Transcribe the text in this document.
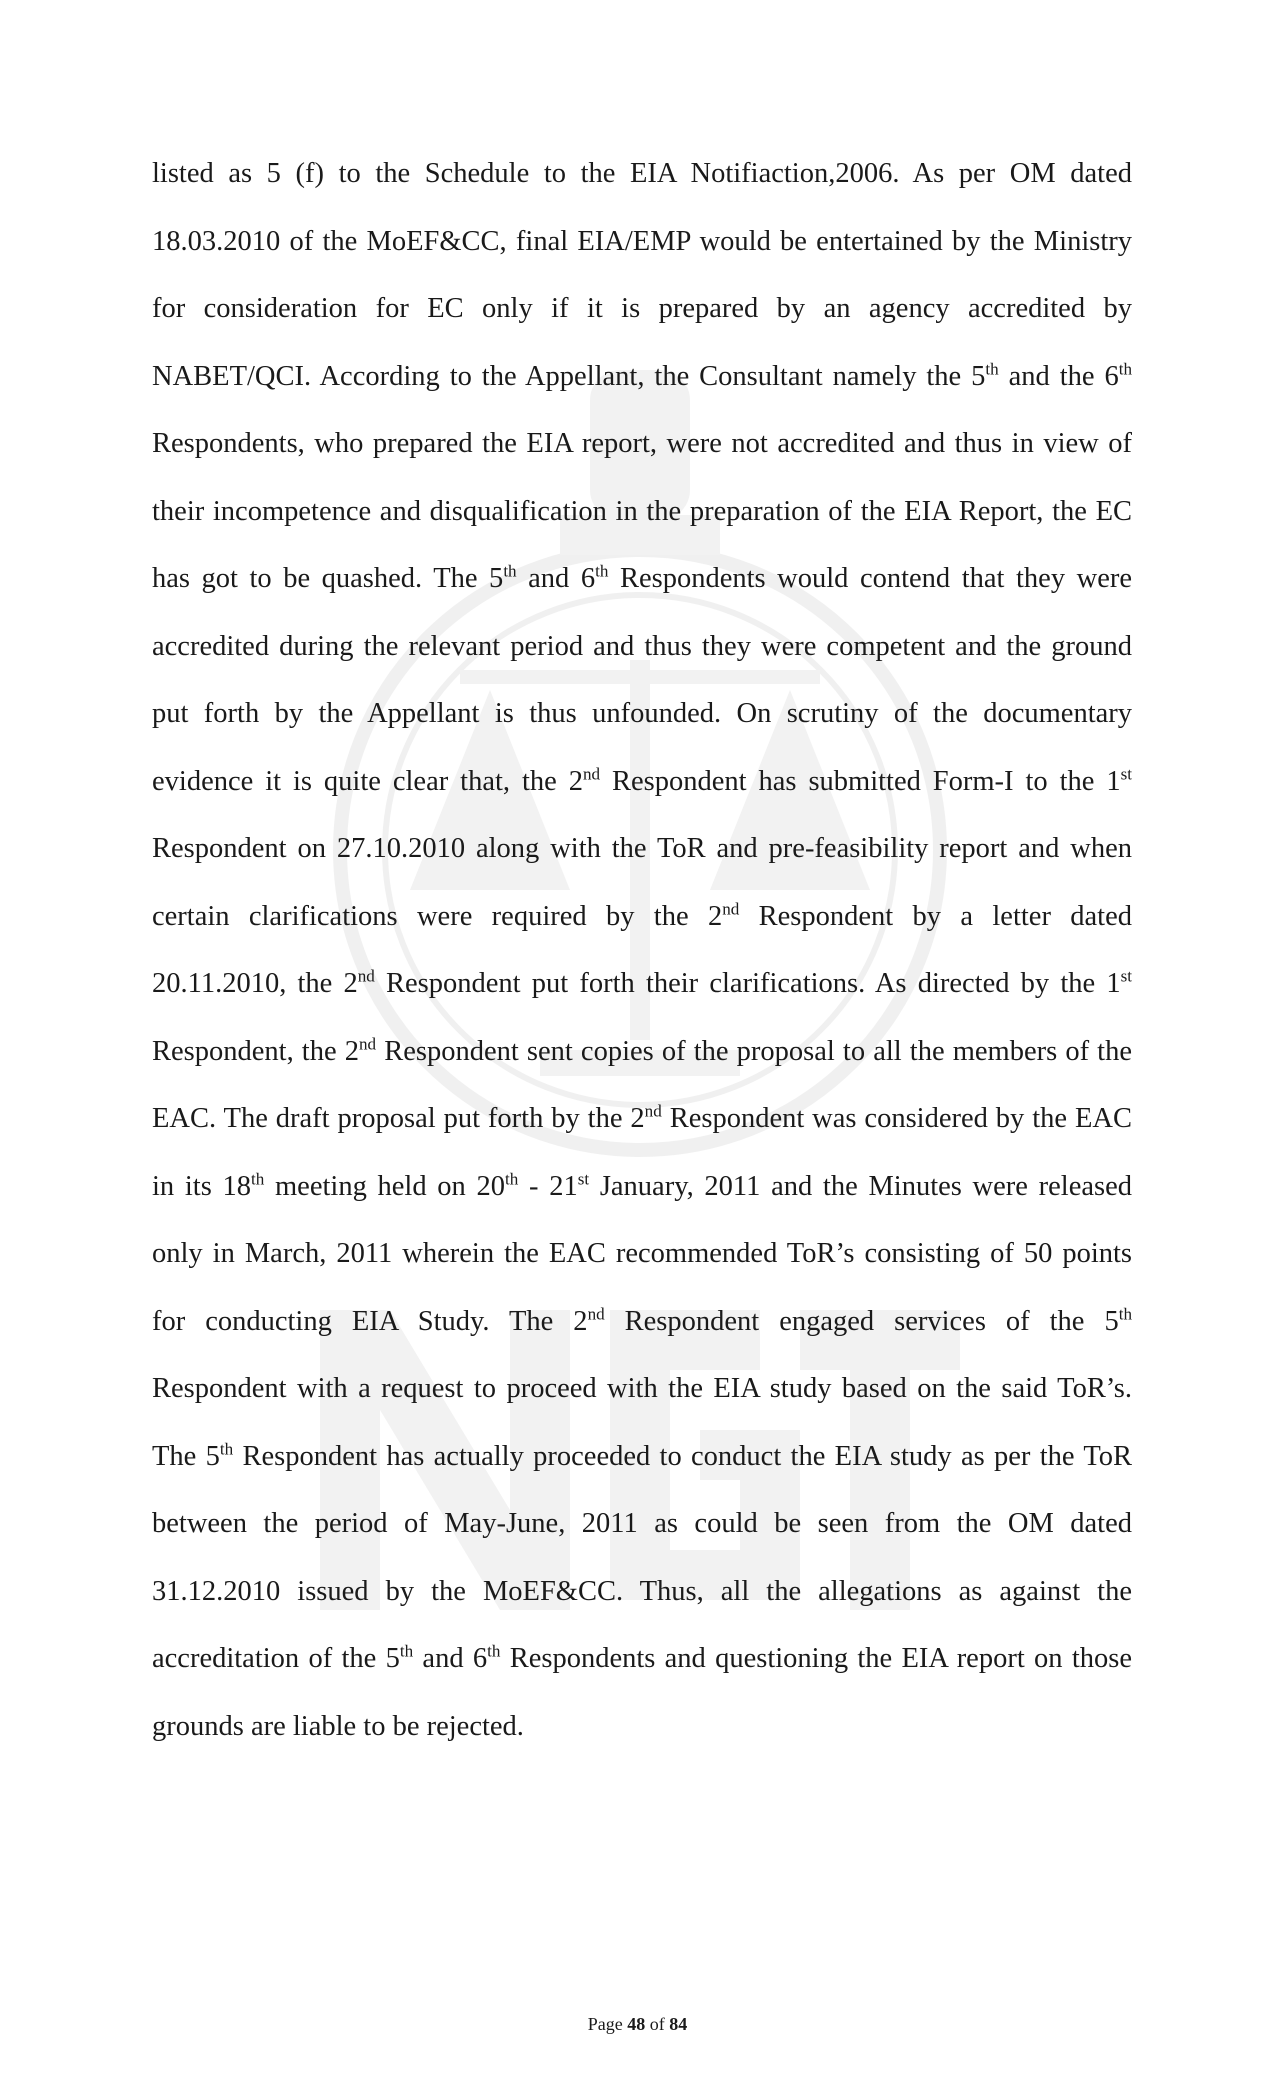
listed as 5 (f) to the Schedule to the EIA Notifiaction,2006. As per OM dated 18.03.2010 of the MoEF&CC, final EIA/EMP would be entertained by the Ministry for consideration for EC only if it is prepared by an agency accredited by NABET/QCI. According to the Appellant, the Consultant namely the 5th and the 6th Respondents, who prepared the EIA report, were not accredited and thus in view of their incompetence and disqualification in the preparation of the EIA Report, the EC has got to be quashed. The 5th and 6th Respondents would contend that they were accredited during the relevant period and thus they were competent and the ground put forth by the Appellant is thus unfounded. On scrutiny of the documentary evidence it is quite clear that, the 2nd Respondent has submitted Form-I to the 1st Respondent on 27.10.2010 along with the ToR and pre-feasibility report and when certain clarifications were required by the 2nd Respondent by a letter dated 20.11.2010, the 2nd Respondent put forth their clarifications. As directed by the 1st Respondent, the 2nd Respondent sent copies of the proposal to all the members of the EAC. The draft proposal put forth by the 2nd Respondent was considered by the EAC in its 18th meeting held on 20th - 21st January, 2011 and the Minutes were released only in March, 2011 wherein the EAC recommended ToR’s consisting of 50 points for conducting EIA Study. The 2nd Respondent engaged services of the 5th Respondent with a request to proceed with the EIA study based on the said ToR’s. The 5th Respondent has actually proceeded to conduct the EIA study as per the ToR between the period of May-June, 2011 as could be seen from the OM dated 31.12.2010 issued by the MoEF&CC. Thus, all the allegations as against the accreditation of the 5th and 6th Respondents and questioning the EIA report on those grounds are liable to be rejected.

Page 48 of 84
